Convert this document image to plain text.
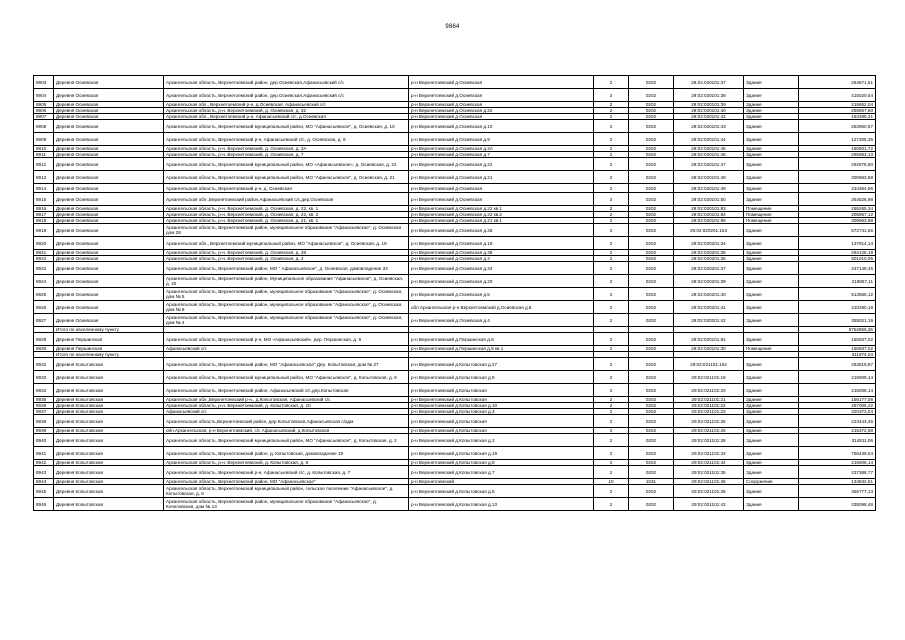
9864
8903	Деревня Осиевская	Архангельская область, Верхнетоемский район, дер.Осиевская,Афанасьевский с/с	р-н Верхнетоемский д.Осиевская	2	0202	29.02.020101:37	Здание	264671,51
8904	Деревня Осиевская	Архангельская область, Верхнетоемский район, дер.Осиевская,Афанасьевский с/с	р-н Верхнетоемский д.Осиевская	2	0202	29:02:020101:38	Здание	415020,54
8905	Деревня Осиевская	Архангельская обл., Верхнетоемский р-н, д.Осиевская, Афанасьевский с/с	р-н Верхнетоемский д.Осиевская	2	0202	29:02:020101:39	Здание	218652,04
8906	Деревня Осиевская	Архангельская область, р-н. Верхнетоемский, д. Осиевская, д. 32	р-н Верхнетоемский д.Осиевская д.32	2	0202	29:02:020101:40	Здание	259657,60
8907	Деревня Осиевская	Архангельская обл., Верхнетоемский р-н, Афанасьевский с/с, д.Осиевская	р-н Верхнетоемский д.Осиевская	2	0202	29:02:020101:42	Здание	183388,21
8908	Деревня Осиевская	Архангельская область, Верхнетоемский муниципальный район, МО "Афанасьевское", д. Осиевская, д. 10	р-н Верхнетоемский д.Осиевская д.10	2	0202	29:02:020101:43	Здание	253950,57
8909	Деревня Осиевская	Архангельская область, Верхнетоемский р-н, Афанасьевский с/с, д. Осиевская, д. 9	р-н Верхнетоемский д.Осиевская д.9	2	0202	29:02:020101:44	Здание	127305,35
8910	Деревня Осиевская	Архангельская область, р-н. Верхнетоемский, д. Осиевская, д. 3А	р-н Верхнетоемский д.Осиевская д.3А	2	0202	29:02:020101:45	Здание	180601,72
8911	Деревня Осиевская	Архангельская область, р-н. Верхнетоемский, д. Осиевская, д. 7	р-н Верхнетоемский д.Осиевская д.7	2	0202	29:02:020101:46	Здание	295953,13
8912	Деревня Осиевская	Архангельская область, Верхнетоемский муниципальный район, МО «Афанасьевское», д. Осиевская, д. 22	р-н Верхнетоемский д.Осиевская д.22	2	0202	29:02:020101:47	Здание	292878,80
8913	Деревня Осиевская	Архангельская область, Верхнетоемский муниципальный район, МО "Афанасьевское", д. Осиевская, д. 21	р-н Верхнетоемский д.Осиевская д.21	2	0202	29:02:020101:48	Здание	300963,88
8914	Деревня Осиевская	Архангельская область, Верхнетоемский р-н, д. Осиевская	р-н Верхнетоемский д.Осиевская	2	0202	29:02:020101:49	Здание	234364,86
8915	Деревня Осиевская	Архангельская обл.,Верхнетоемский район,Афанасьевский с/с,дер.Осиевская	р-н Верхнетоемский д.Осиевская	2	0202	29:02:020101:50	Здание	264526,98
8916	Деревня Осиевская	Архангельская область, р-н. Верхнетоемский, д. Осиевская, д. 22, кв. 1	р-н Верхнетоемский д.Осиевская д.22 кв.1	2	0202	29:02:020101:83	Помещение	255265,34
8917	Деревня Осиевская	Архангельская область, р-н. Верхнетоемский, д. Осиевская, д. 22, кв. 2	р-н Верхнетоемский д.Осиевская д.22 кв.2	2	0202	29:02:020101:84	Помещение	205957,12
8918	Деревня Осиевская	Архангельская область, р-н. Верхнетоемский, д. Осиевская, д. 21, кв. 1	р-н Верхнетоемский д.Осиевская д.21 кв.1	2	0202	29:02:020101:85	Помещение	309963,88
8919	Деревня Осиевская	Архангельская область, Верхнетоемский район, муниципальное образование "Афанасьевское", д. Осиевская дом 28	р-н Верхнетоемский д.Осиевская д.28	2	0202	29:02:020201:153	Здание	572741,56
8920	Деревня Осиевская	Архангельская обл., Верхнетоемский муниципальный район, МО "Афанасьевское", д. Осиевская, д. 19	р-н Верхнетоемский д.Осиевская д.19	2	0202	29:02:020201:34	Здание	137914,14
8921	Деревня Осиевская	Архангельская область, р-н. Верхнетоемский, д. Осиевская, д. 38	р-н Верхнетоемский д.Осиевская д.38	2	0202	29:02:020201:35	Здание	294128,18
8922	Деревня Осиевская	Архангельская область, р-н. Верхнетоемский, д. Осиевская, д. 3	р-н Верхнетоемский д.Осиевская д.3	2	0202	29:02:020201:36	Здание	501010,95
8923	Деревня Осиевская	Архангельская область, Верхнетоемский район, МО " Афанасьевское", д. Осиевская, домовладение 34	р-н Верхнетоемский д.Осиевская д.34	2	0202	29:02:020201:37	Здание	247148,45
8924	Деревня Осиевская	Архангельская область, Верхнетоемский район, Муниципальное образование "Афанасьевское", д. Осиевская, д. 20	р-н Верхнетоемский д.Осиевская д.20	2	0202	29:02:020201:39	Здание	218857,11
8925	Деревня Осиевская	Архангельская область, Верхнетоемский район, муниципальное образование "Афанасьевское", д. Осиевская, дом № 5	р-н Верхнетоемский д.Осиевская д.5	2	0202	29:02:020201:40	Здание	513566,12
8926	Деревня Осиевская	Архангельская область, Верхнетоемский район, муниципальное образование "Афанасьевское", д. Осиевская, дом № 8	обл.Архангельская р-н Верхнетоемский д.Осиевская д.8	2	0202	29:02:020201:41	Здание	310290,18
8927	Деревня Осиевская	Архангельская область, Верхнетоемский район, муниципальное образование "Афанасьевское", д. Осиевская, дом № 4	р-н Верхнетоемский д.Осиевская д.4	2	0202	29:02:020201:42	Здание	355021,19
	Итого по населенному пункту							8752856,36
8929	Деревня Першинская	Архангельская область, Верхнетоемский р-н, МО «Афанасьевский», дер. Першинская, д. 9	р-н Верхнетоемский д.Першинская д.9	2	0202	29:02:020101:81	Здание	155937,02
8930	Деревня Першинская	Афанасьевский с/с	р-н Верхнетоемский д.Першинская д.9 кв.1	2	0202	29:02:020101:30	Помещение	155937,02
	Итого по населенному пункту							311874,04
8932	Деревня Копытовская	Архангельская область, Верхнетоемский район, МО "Афанасьевское" Дер. Копытовская, дом № 27	р-н Верхнетоемский д.Копытовская д.27	2	0202	29:02:021101:154	Здание	283819,87
8933	Деревня Копытовская	Архангельская область, Верхнетоемский муниципальный район, МО "Афанасьевское", д. Копытовская, д. 9	р-н Верхнетоемский д.Копытовская д.9	2	0202	29:02:021101:19	Здание	215909,14
8934	Деревня Копытовская	Архангельская область, Верхнетоемский район, Афанасьевский с/с,дер.Копытовская	р-н Верхнетоемский д.Копытовская	2	0202	29:02:021101:20	Здание	215006,14
8935	Деревня Копытовская	Архангельская обл.,Верхнетоемский р-н., д.Копытовская, Афанасьевский с/с	р-н Верхнетоемский д.Копытовская	2	0202	29:02:021101:21	Здание	156177,08
8936	Деревня Копытовская	Архангельская область, р-н. Верхнетоемский, д. Копытовская, д. 10	р-н Верхнетоемский д.Копытовская д.10	2	0202	29:02:021101:22	Здание	267005,22
8937	Деревня Копытовская	Афанасьевский с/с	р-н Верхнетоемский д.Копытовская д.3	2	0202	29:02:021101:23	Здание	320373,04
8938	Деревня Копытовская	Архангельская область,Верхнетоемский район, дер.Копытовская,Афанасьевская с/адм	р-н Верхнетоемский д.Копытовская	2	0202	29:02:021101:25	Здание	223443,45
8939	Деревня Копытовская	обл.Архангельская, р-н Верхнетоемский, с/с Афанасьевский, д.Копытовская	р-н Верхнетоемский д.Копытовская	2	0202	29:02:021101:26	Здание	215372,68
8940	Деревня Копытовская	Архангельская область, Верхнетоемский муниципальный район, МО "Афанасьевское", д. Копытовская, д. 2	р-н Верхнетоемский д.Копытовская д.2	2	0202	29:02:021101:28	Здание	314811,06
8941	Деревня Копытовская	Архангельская область, Верхнетоемский район, д. Копытовская, домовладение 19	р-н Верхнетоемский д.Копытовская д.19	2	0202	29:02:021101:33	Здание	756439,04
8942	Деревня Копытовская	Архангельская область, р-н. Верхнетоемский, д. Копытовская, д. 8	р-н Верхнетоемский д.Копытовская д.8	2	0202	29:02:021101:34	Здание	215906,14
8943	Деревня Копытовская	Архангельская область, Верхнетоемский р-н, Афанасьевский с/с, д. Копытовская, д. 7	р-н Верхнетоемский д.Копытовская д.7	2	0202	29:02:021101:35	Здание	237388,77
8944	Деревня Копытовская	Архангельская область, Верхнетоемский район, МО "Афанасьевское"	р-н Верхнетоемский	10	1031	29:02:021101:36	Сооружение	134832,51
8945	Деревня Копытовская	Архангельская область, Верхнетоемский муниципальный район, сельское поселение "Афанасьевское", д. Копытовская, д. 6	р-н Верхнетоемский д.Копытовская д.6	2	0202	29:02:021101:39	Здание	355777,13
8946	Деревня Копытовская	Архангельская область, Верхнетоемский район, муниципальное образование "Афанасьевское", д. Кочиловская, дом № 13	р-н Верхнетоемский д.Копытовская д.13	2	0202	29:02:021101:43	Здание	335098,48
